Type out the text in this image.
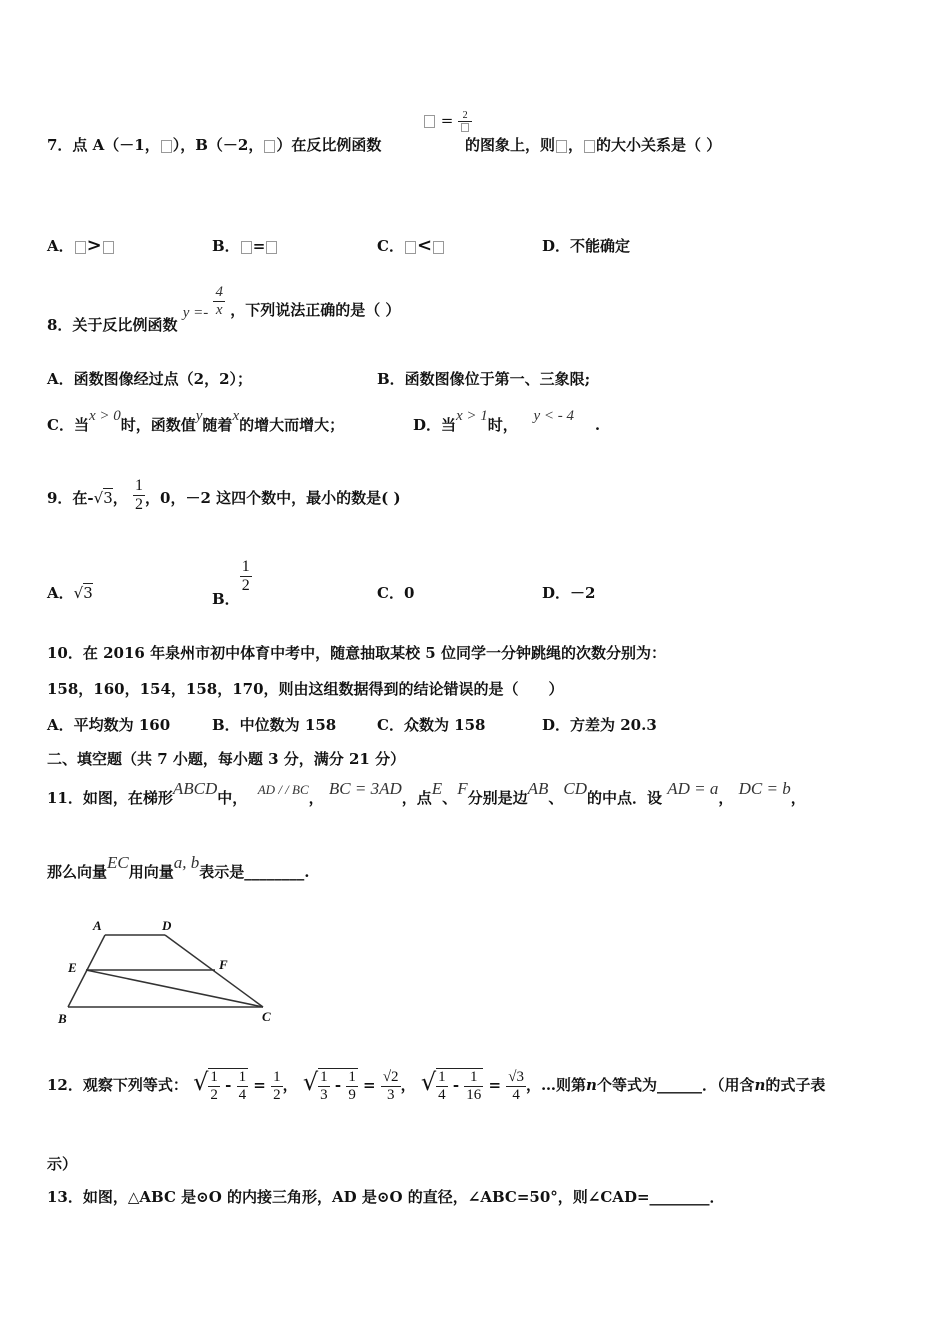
7．点 A（－1， ），B（－2， ）在反比例函数
= 2
的图象上，则 ， 的大小关系是（ ）
A． >	B． =	C． <	D．不能确定
8．关于反比例函数 $y =- \frac{4}{x}$ ，下列说法正确的是（ ）
A．函数图像经过点（2，2）；	B．函数图像位于第一、三象限;
C．当x > 0时，函数值y随着x的增大而增大；	D．当x > 1时， y < - 4 .
9．在-√3， $\frac{1}{2}$ ，0，－2 这四个数中，最小的数是( )
A．√3	B．
$\frac{1}{2}$	C．0	D．－2
10．在 2016 年泉州市初中体育中考中，随意抽取某校 5 位同学一分钟跳绳的次数分别为：
158，160，154，158，170，则由这组数据得到的结论错误的是（　　）
A．平均数为 160	B．中位数为 158	C．众数为 158	D．方差为 20.3
二、填空题（共 7 小题，每小题 3 分，满分 21 分）
11．如图，在梯形ABCD中， AD / / BC， BC = 3AD，点E、F分别是边AB、CD的中点．设 AD = a， DC = b，
那么向量EC用向量a, b表示是________.
A	D
E	F
B	C
12．观察下列等式： √ $\frac{1}{2} - \frac{1}{4} = \frac{1}{2}$ ， √ $\frac{1}{3} - \frac{1}{9} = \frac{√2}{3}$ ， √ $\frac{1}{4} - \frac{1}{16} = \frac{√3}{4}$ ，…则第n个等式为______．（用含n的式子表
示）
13．如图，△ABC 是⊙O 的内接三角形，AD 是⊙O 的直径，∠ABC=50°，则∠CAD=________．
